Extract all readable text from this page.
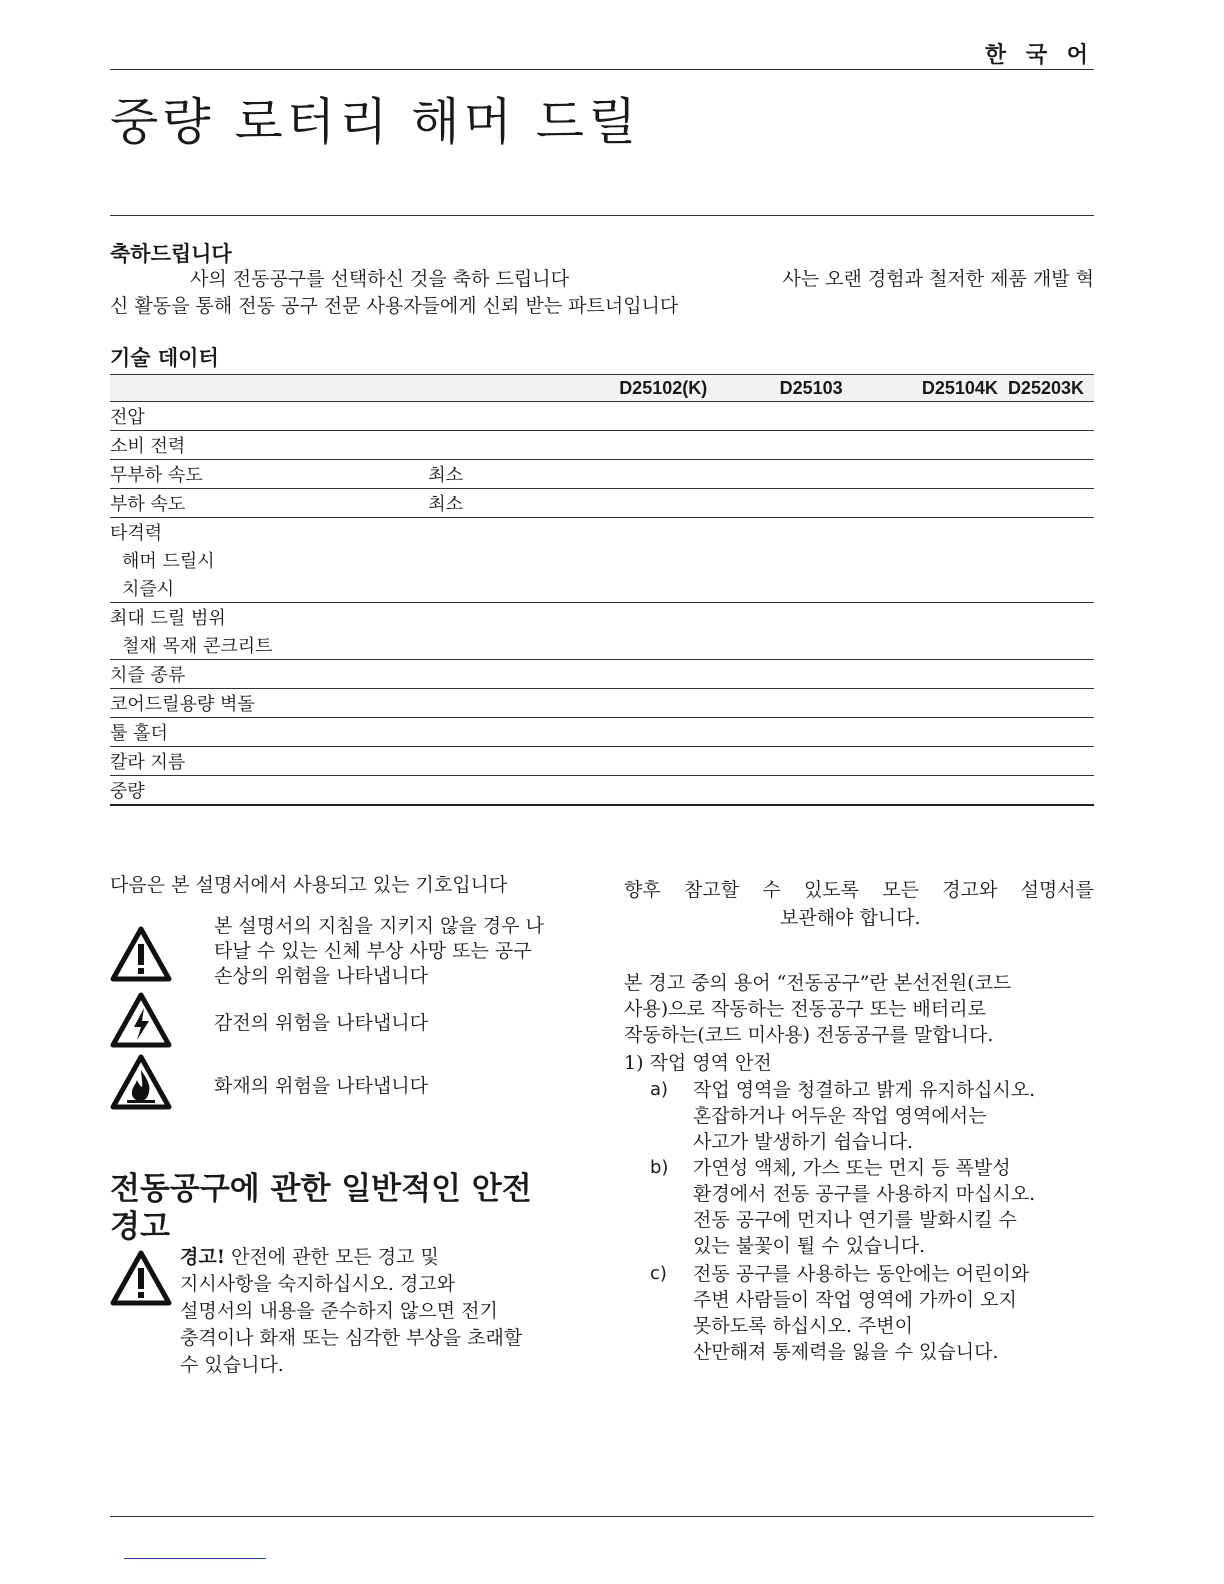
한 국 어
중량 로터리 해머 드릴
축하드립니다

사의 전동공구를 선택하신 것을 축하 드립니다	사는 오랜 경험과 철저한 제품 개발 혁

신 활동을 통해 전동 공구 전문 사용자들에게 신뢰 받는 파트너입니다

기술 데이터
		D25102(K)	D25103	D25104K	D25203K
전압					
소비 전력					
무부하 속도	최소				
부하 속도	최소				
타격력					
해머 드릴시					
치즐시					
최대 드릴 범위					
철재 목재 콘크리트					
치즐 종류					
코어드릴용량 벽돌					
툴 홀더					
칼라 지름					
중량					
다음은 본 설명서에서 사용되고 있는 기호입니다
본 설명서의 지침을 지키지 않을 경우 나
타날 수 있는 신체 부상 사망 또는 공구
손상의 위험을 나타냅니다
감전의 위험을 나타냅니다
화재의 위험을 나타냅니다
전동공구에 관한 일반적인 안전
경고
경고! 안전에 관한 모든 경고 및
지시사항을 숙지하십시오. 경고와
설명서의 내용을 준수하지 않으면 전기
충격이나 화재 또는 심각한 부상을 초래할
수 있습니다.
향후 참고할 수 있도록 모든 경고와 설명서를
보관해야 합니다.
본 경고 중의 용어 “전동공구”란 본선전원(코드
사용)으로 작동하는 전동공구 또는 배터리로
작동하는(코드 미사용) 전동공구를 말합니다.
1) 작업 영역 안전
a) 작업 영역을 청결하고 밝게 유지하십시오.
혼잡하거나 어두운 작업 영역에서는
사고가 발생하기 쉽습니다.
b) 가연성 액체, 가스 또는 먼지 등 폭발성
환경에서 전동 공구를 사용하지 마십시오.
전동 공구에 먼지나 연기를 발화시킬 수
있는 불꽃이 튈 수 있습니다.
c) 전동 공구를 사용하는 동안에는 어린이와
주변 사람들이 작업 영역에 가까이 오지
못하도록 하십시오. 주변이
산만해져 통제력을 잃을 수 있습니다.
